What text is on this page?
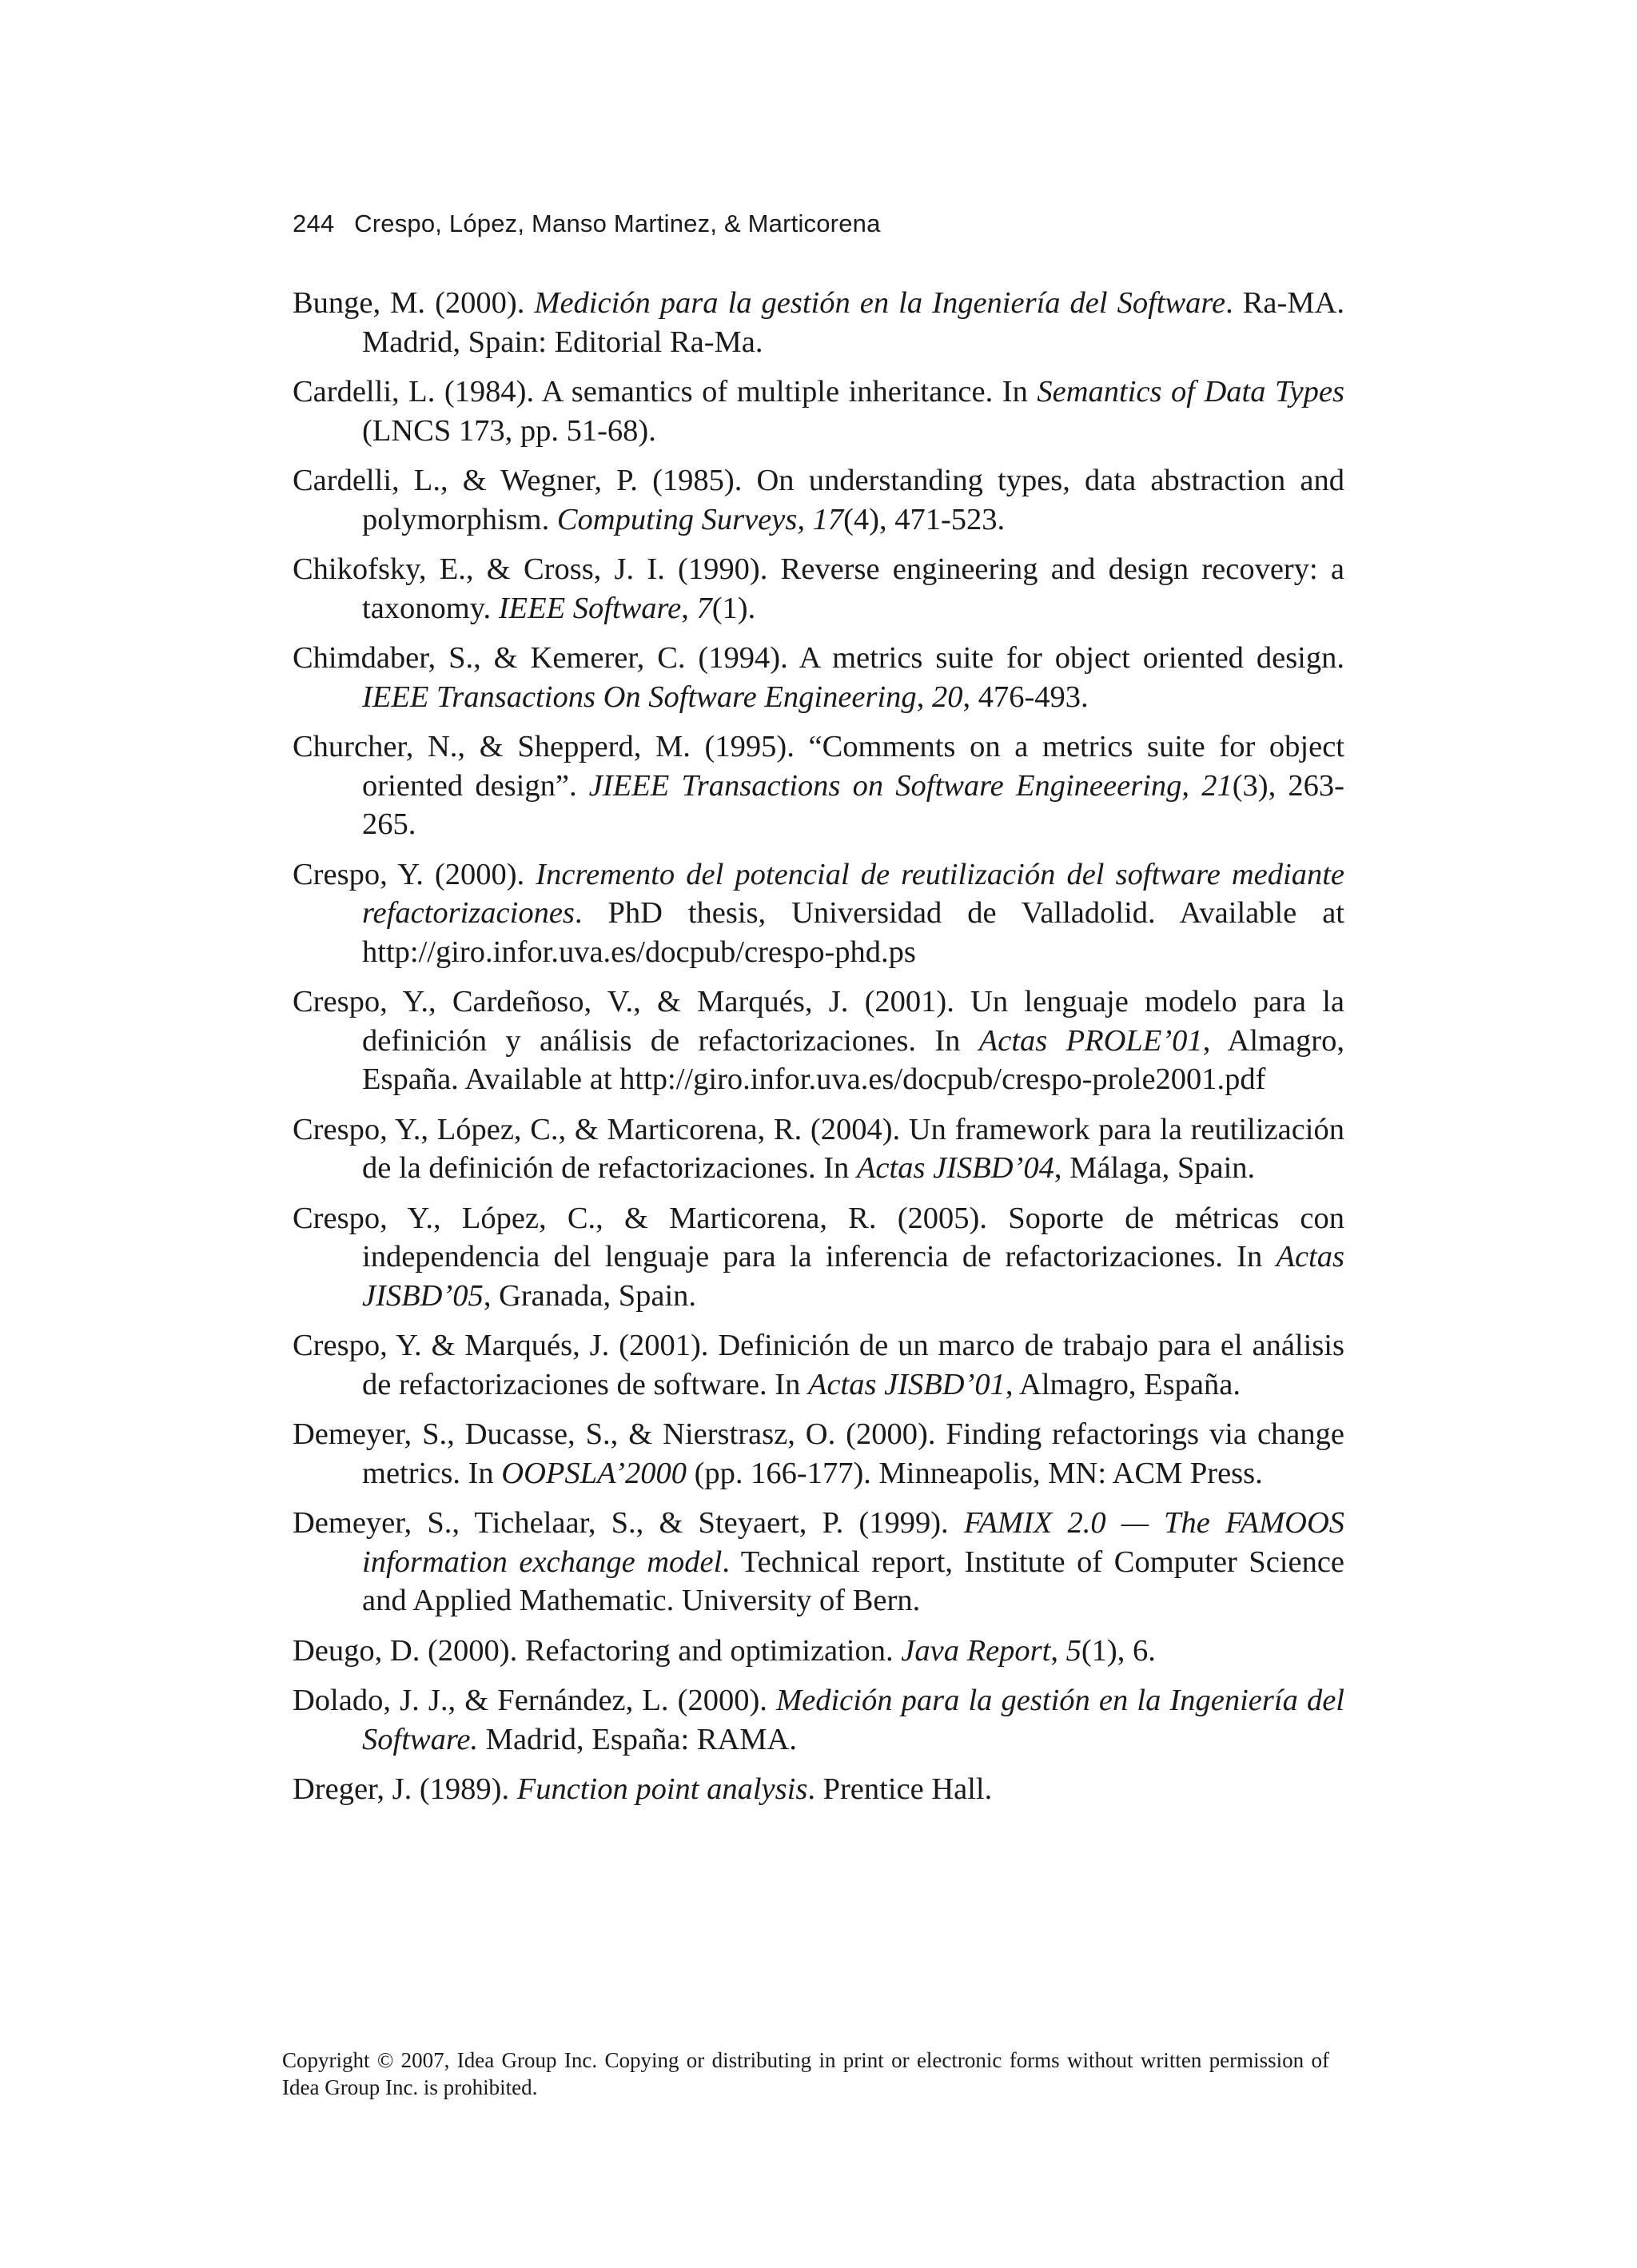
244 Crespo, López, Manso Martinez, & Marticorena
Bunge, M. (2000). Medición para la gestión en la Ingeniería del Software. Ra-MA. Madrid, Spain: Editorial Ra-Ma.
Cardelli, L. (1984). A semantics of multiple inheritance. In Semantics of Data Types (LNCS 173, pp. 51-68).
Cardelli, L., & Wegner, P. (1985). On understanding types, data abstraction and polymorphism. Computing Surveys, 17(4), 471-523.
Chikofsky, E., & Cross, J. I. (1990). Reverse engineering and design recovery: a taxonomy. IEEE Software, 7(1).
Chimdaber, S., & Kemerer, C. (1994). A metrics suite for object oriented design. IEEE Transactions On Software Engineering, 20, 476-493.
Churcher, N., & Shepperd, M. (1995). “Comments on a metrics suite for object oriented design”. JIEEE Transactions on Software Engineeering, 21(3), 263-265.
Crespo, Y. (2000). Incremento del potencial de reutilización del software mediante refactorizaciones. PhD thesis, Universidad de Valladolid. Available at http://giro.infor.uva.es/docpub/crespo-phd.ps
Crespo, Y., Cardeñoso, V., & Marqués, J. (2001). Un lenguaje modelo para la definición y análisis de refactorizaciones. In Actas PROLE’01, Almagro, España. Available at http://giro.infor.uva.es/docpub/crespo-prole2001.pdf
Crespo, Y., López, C., & Marticorena, R. (2004). Un framework para la reutilización de la definición de refactorizaciones. In Actas JISBD’04, Málaga, Spain.
Crespo, Y., López, C., & Marticorena, R. (2005). Soporte de métricas con independencia del lenguaje para la inferencia de refactorizaciones. In Actas JISBD’05, Granada, Spain.
Crespo, Y. & Marqués, J. (2001). Definición de un marco de trabajo para el análisis de refactorizaciones de software. In Actas JISBD’01, Almagro, España.
Demeyer, S., Ducasse, S., & Nierstrasz, O. (2000). Finding refactorings via change metrics. In OOPSLA’2000 (pp. 166-177). Minneapolis, MN: ACM Press.
Demeyer, S., Tichelaar, S., & Steyaert, P. (1999). FAMIX 2.0 — The FAMOOS information exchange model. Technical report, Institute of Computer Science and Applied Mathematic. University of Bern.
Deugo, D. (2000). Refactoring and optimization. Java Report, 5(1), 6.
Dolado, J. J., & Fernández, L. (2000). Medición para la gestión en la Ingeniería del Software. Madrid, España: RAMA.
Dreger, J. (1989). Function point analysis. Prentice Hall.
Copyright © 2007, Idea Group Inc. Copying or distributing in print or electronic forms without written permission of Idea Group Inc. is prohibited.
